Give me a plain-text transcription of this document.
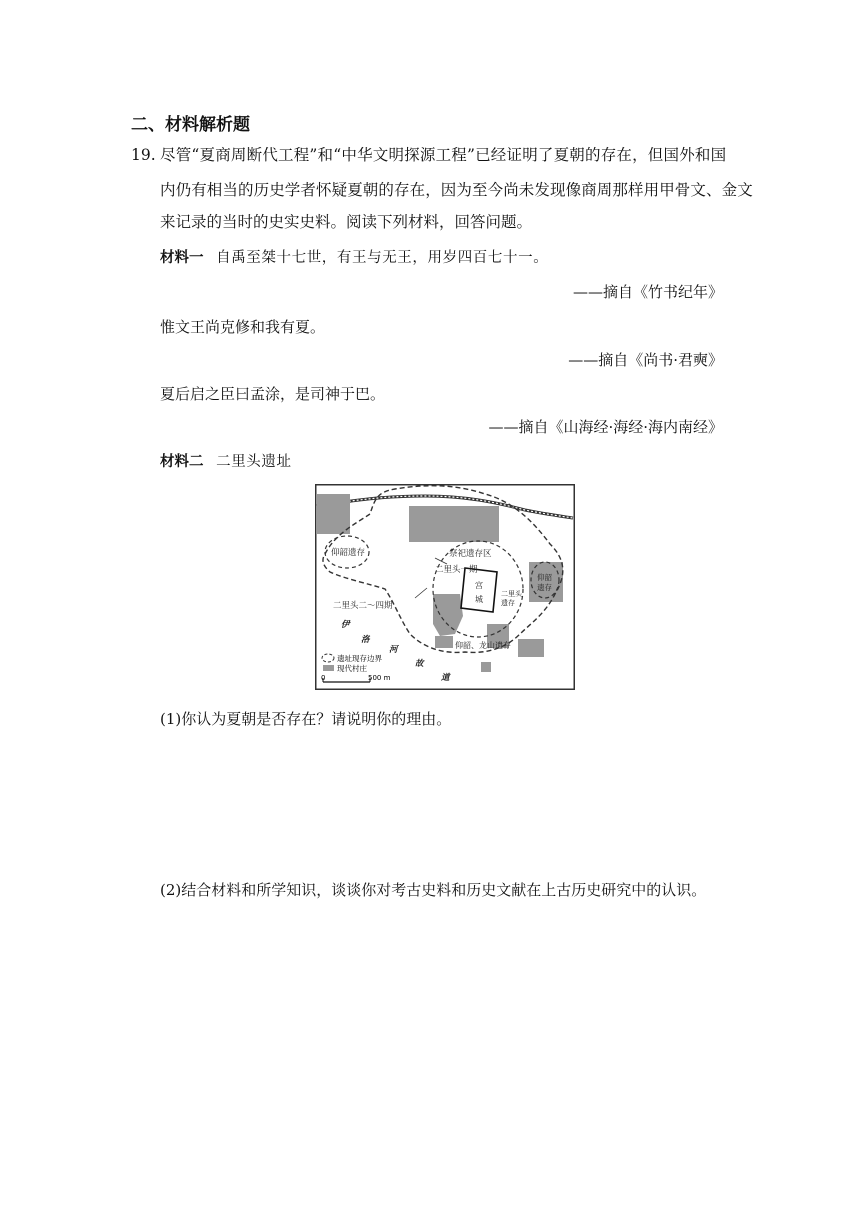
二、材料解析题
19. 尽管“夏商周断代工程”和“中华文明探源工程”已经证明了夏朝的存在，但国外和国
内仍有相当的历史学者怀疑夏朝的存在，因为至今尚未发现像商周那样用甲骨文、金文
来记录的当时的史实史料。阅读下列材料，回答问题。
材料一 自禹至桀十七世，有王与无王，用岁四百七十一。
——摘自《竹书纪年》
惟文王尚克修和我有夏。
——摘自《尚书·君奭》
夏后启之臣曰孟涂，是司神于巴。
——摘自《山海经·海经·海内南经》
材料二 二里头遗址
仰韶遗存	祭祀遗存区
二里头一期
宫
城
仰韶
遗存
二里头
遗存
二里头二～四期
伊
洛
河
故
道
仰韶、龙山遗存
遗址现存边界
现代村庄
0	500 m
(1)你认为夏朝是否存在？请说明你的理由。
(2)结合材料和所学知识，谈谈你对考古史料和历史文献在上古历史研究中的认识。
